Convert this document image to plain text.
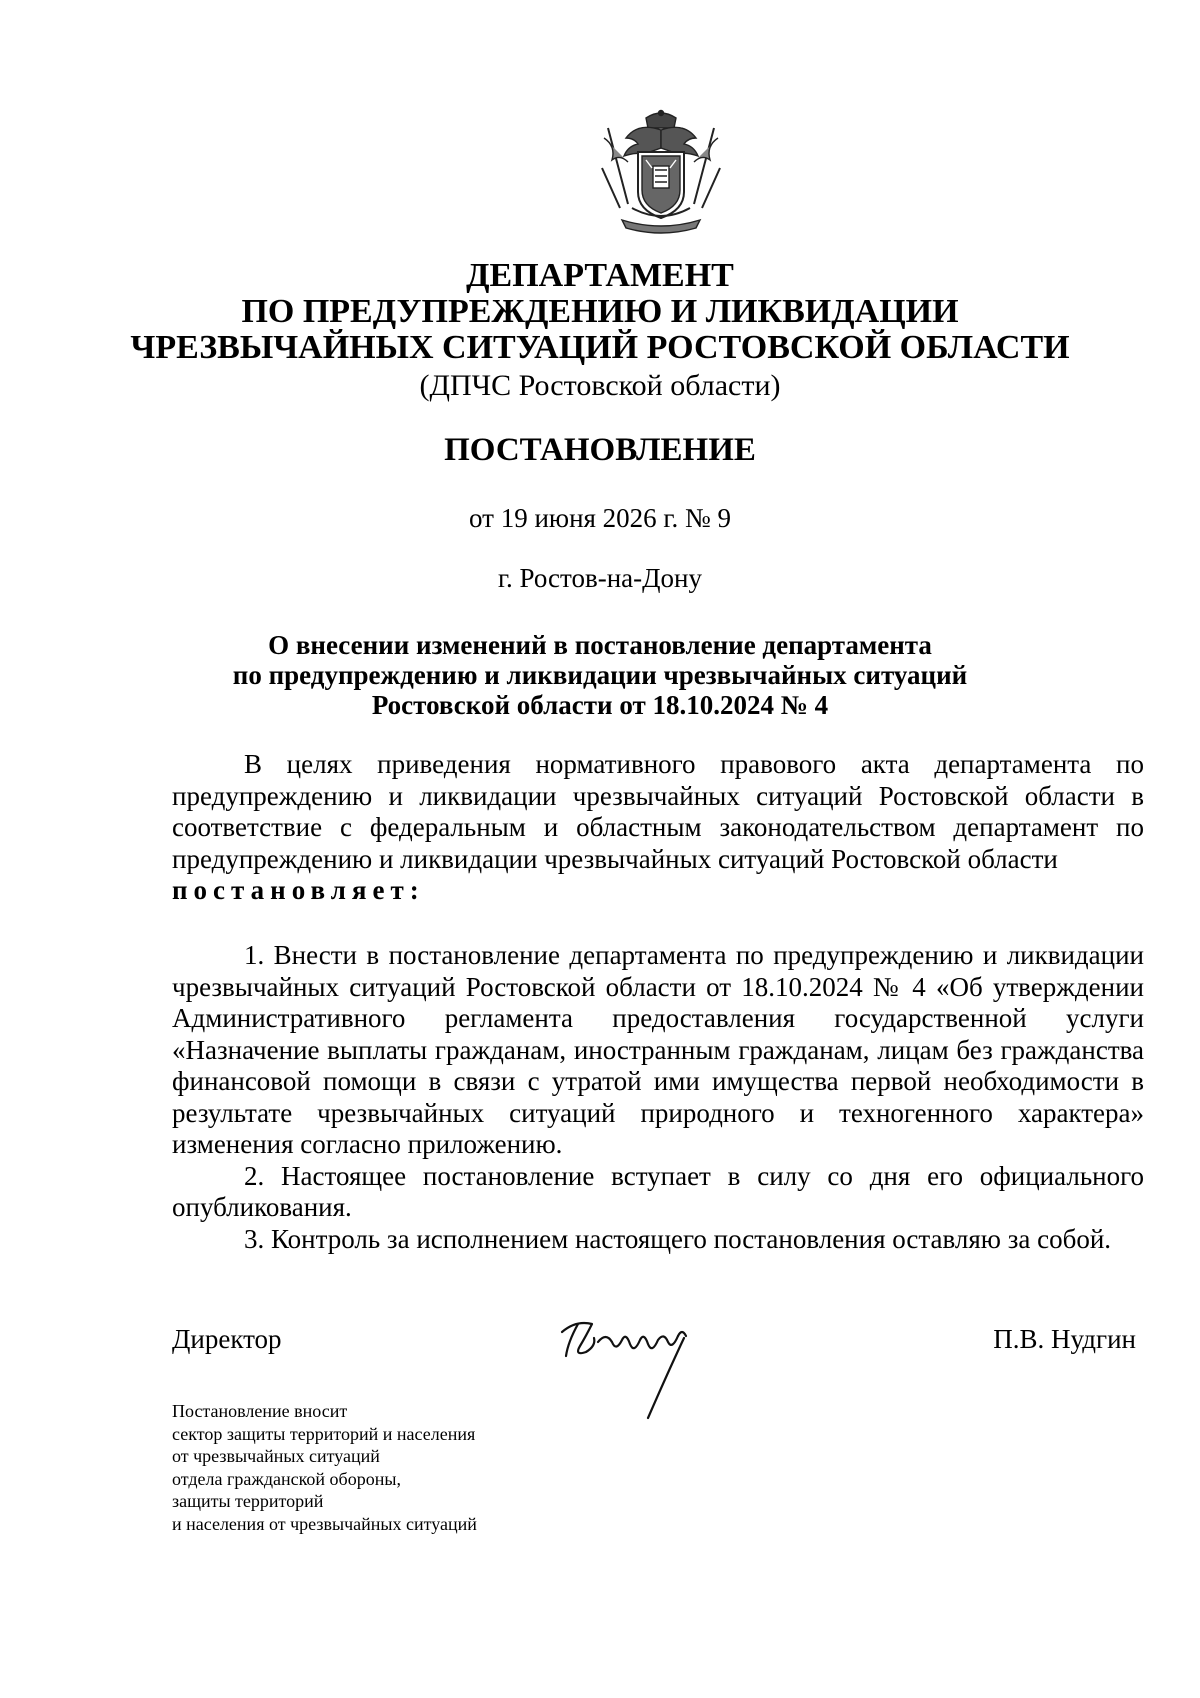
ДЕПАРТАМЕНТ
ПО ПРЕДУПРЕЖДЕНИЮ И ЛИКВИДАЦИИ
ЧРЕЗВЫЧАЙНЫХ СИТУАЦИЙ РОСТОВСКОЙ ОБЛАСТИ
(ДПЧС Ростовской области)
ПОСТАНОВЛЕНИЕ
от 19 июня 2026 г. № 9
г. Ростов-на-Дону
О внесении изменений в постановление департамента
по предупреждению и ликвидации чрезвычайных ситуаций
Ростовской области от 18.10.2024 № 4

В целях приведения нормативного правового акта департамента по предупреждению и ликвидации чрезвычайных ситуаций Ростовской области в соответствие с федеральным и областным законодательством департамент по предупреждению и ликвидации чрезвычайных ситуаций Ростовской области

постановляет:

1. Внести в постановление департамента по предупреждению и ликвидации чрезвычайных ситуаций Ростовской области от 18.10.2024 № 4 «Об утверждении Административного регламента предоставления государственной услуги «Назначение выплаты гражданам, иностранным гражданам, лицам без гражданства финансовой помощи в связи с утратой ими имущества первой необходимости в результате чрезвычайных ситуаций природного и техногенного характера» изменения согласно приложению.

2. Настоящее постановление вступает в силу со дня его официального опубликования.

3. Контроль за исполнением настоящего постановления оставляю за собой.

Директор	П.В. Нудгин
Постановление вносит
сектор защиты территорий и населения
от чрезвычайных ситуаций
отдела гражданской обороны,
защиты территорий
и населения от чрезвычайных ситуаций
